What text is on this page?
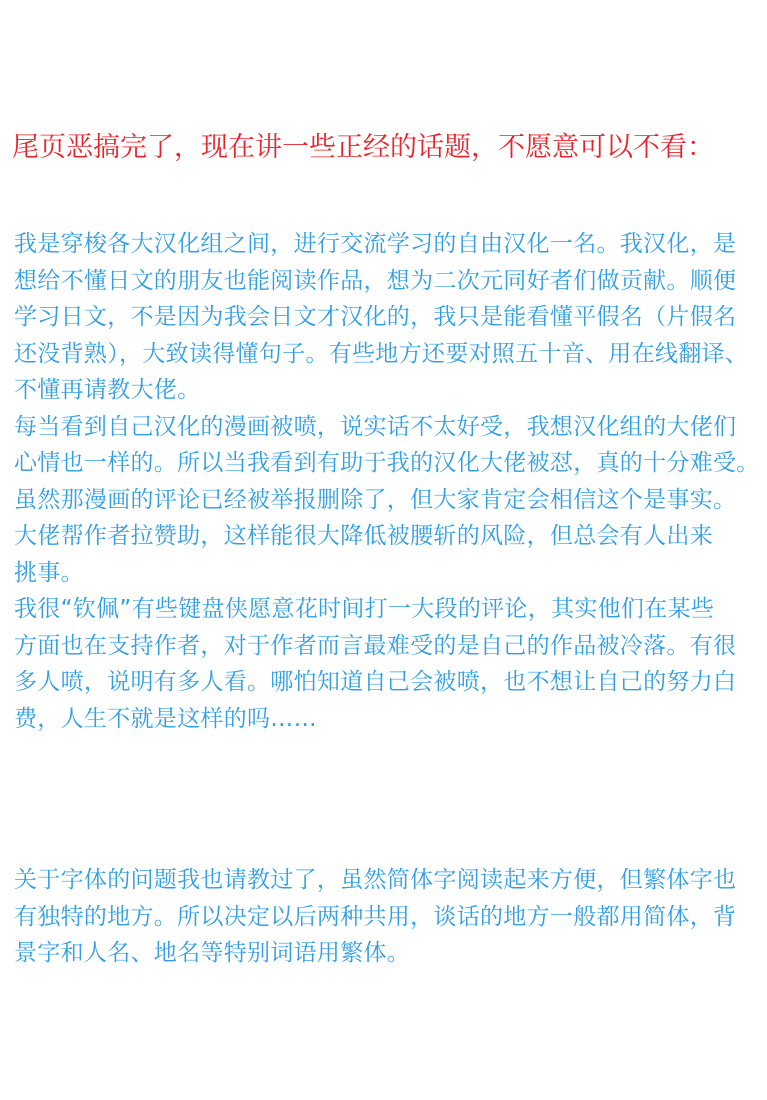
尾页恶搞完了，现在讲一些正经的话题，不愿意可以不看：
我是穿梭各大汉化组之间，进行交流学习的自由汉化一名。我汉化，是
想给不懂日文的朋友也能阅读作品，想为二次元同好者们做贡献。顺便
学习日文，不是因为我会日文才汉化的，我只是能看懂平假名（片假名
还没背熟），大致读得懂句子。有些地方还要对照五十音、用在线翻译、
不懂再请教大佬。
每当看到自己汉化的漫画被喷，说实话不太好受，我想汉化组的大佬们
心情也一样的。所以当我看到有助于我的汉化大佬被怼，真的十分难受。
虽然那漫画的评论已经被举报删除了，但大家肯定会相信这个是事实。
大佬帮作者拉赞助，这样能很大降低被腰斩的风险，但总会有人出来
挑事。
我很“钦佩”有些键盘侠愿意花时间打一大段的评论，其实他们在某些
方面也在支持作者，对于作者而言最难受的是自己的作品被冷落。有很
多人喷，说明有多人看。哪怕知道自己会被喷，也不想让自己的努力白
费，人生不就是这样的吗……
关于字体的问题我也请教过了，虽然简体字阅读起来方便，但繁体字也
有独特的地方。所以决定以后两种共用，谈话的地方一般都用简体，背
景字和人名、地名等特别词语用繁体。
